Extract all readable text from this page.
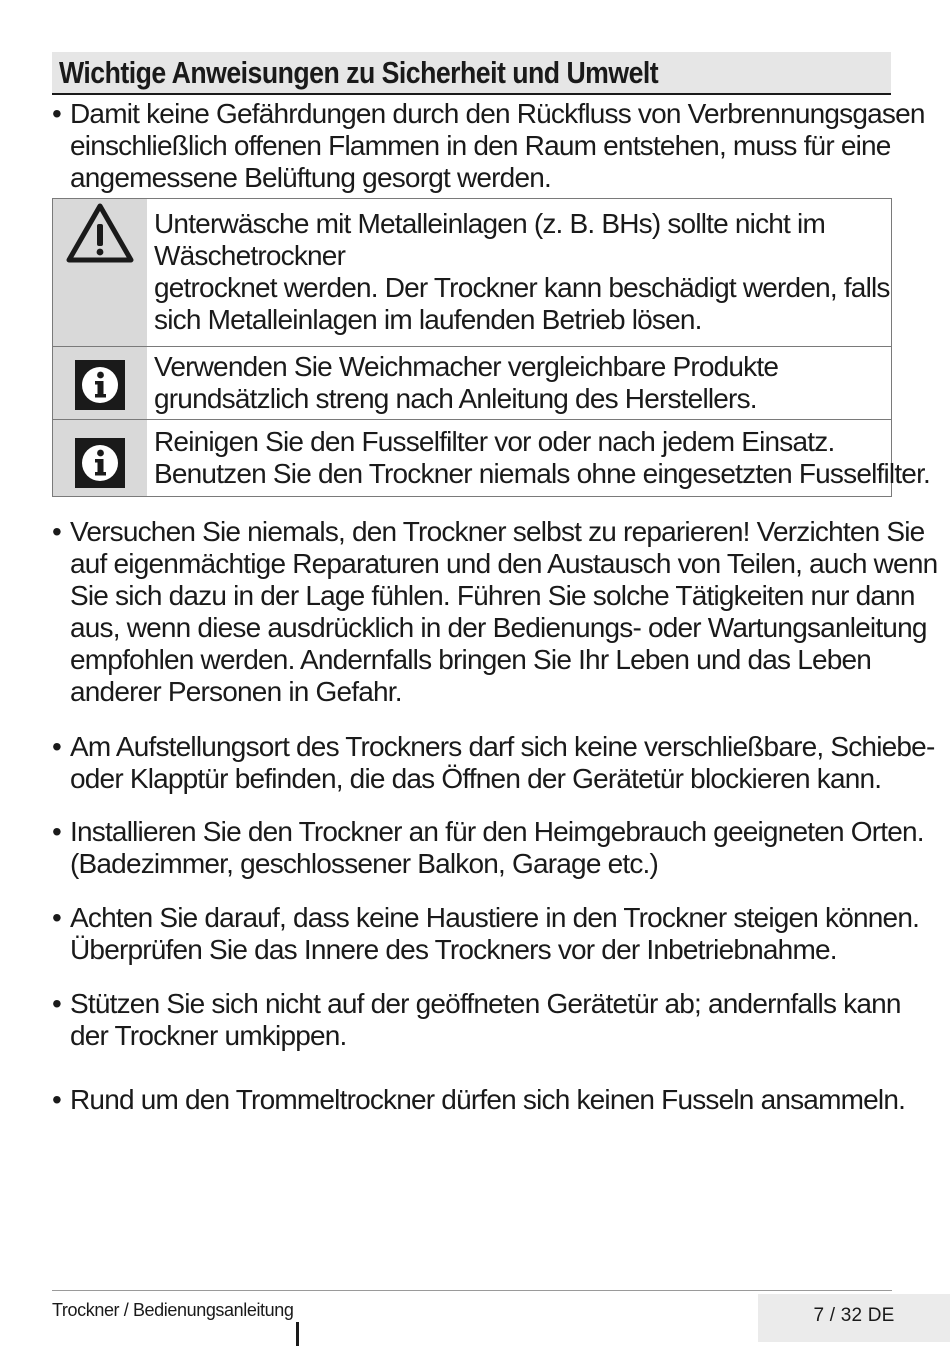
Wichtige Anweisungen zu Sicherheit und Umwelt
• Damit keine Gefährdungen durch den Rückfluss von Verbrennungsgasen
einschließlich offenen Flammen in den Raum entstehen, muss für eine
angemessene Belüftung gesorgt werden.
Unterwäsche mit Metalleinlagen (z. B. BHs) sollte nicht im
Wäschetrockner
getrocknet werden. Der Trockner kann beschädigt werden, falls
sich Metalleinlagen im laufenden Betrieb lösen.
Verwenden Sie Weichmacher vergleichbare Produkte
grundsätzlich streng nach Anleitung des Herstellers.
Reinigen Sie den Fusselfilter vor oder nach jedem Einsatz.
Benutzen Sie den Trockner niemals ohne eingesetzten Fusselfilter.
• Versuchen Sie niemals, den Trockner selbst zu reparieren! Verzichten Sie
auf eigenmächtige Reparaturen und den Austausch von Teilen, auch wenn
Sie sich dazu in der Lage fühlen. Führen Sie solche Tätigkeiten nur dann
aus, wenn diese ausdrücklich in der Bedienungs- oder Wartungsanleitung
empfohlen werden. Andernfalls bringen Sie Ihr Leben und das Leben
anderer Personen in Gefahr.
• Am Aufstellungsort des Trockners darf sich keine verschließbare, Schiebe-
oder Klapptür befinden, die das Öffnen der Gerätetür blockieren kann.
• Installieren Sie den Trockner an für den Heimgebrauch geeigneten Orten.
(Badezimmer, geschlossener Balkon, Garage etc.)
• Achten Sie darauf, dass keine Haustiere in den Trockner steigen können.
Überprüfen Sie das Innere des Trockners vor der Inbetriebnahme.
• Stützen Sie sich nicht auf der geöffneten Gerätetür ab; andernfalls kann
der Trockner umkippen.
• Rund um den Trommeltrockner dürfen sich keinen Fusseln ansammeln.
Trockner / Bedienungsanleitung	7 / 32 DE
